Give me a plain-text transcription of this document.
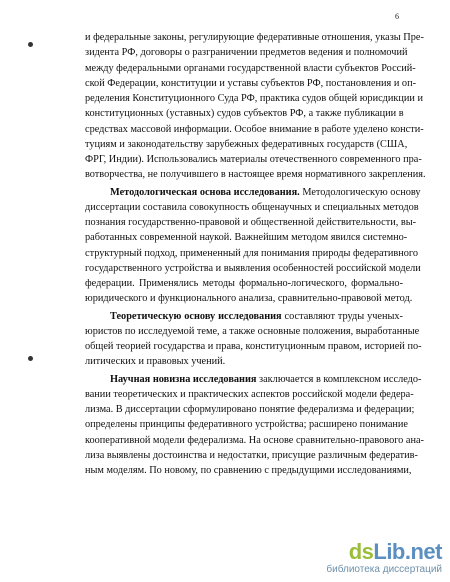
6
и федеральные законы, регулирующие федеративные отношения, указы Пре-
зидента РФ, договоры о разграничении предметов ведения и полномочий
между федеральными органами государственной власти субъектов Россий-
ской Федерации, конституции и уставы субъектов РФ, постановления и оп-
ределения Конституционного Суда РФ, практика судов общей юрисдикции и
конституционных (уставных) судов субъектов РФ, а также публикации в
средствах массовой информации. Особое внимание в работе уделено консти-
туциям и законодательству зарубежных федеративных государств (США,
ФРГ, Индии). Использовались материалы отечественного современного пра-
вотворчества, не получившего в настоящее время нормативного закрепления.
Методологическая основа исследования. Методологическую основу
диссертации составила совокупность общенаучных и специальных методов
познания государственно-правовой и общественной действительности, вы-
работанных современной наукой. Важнейшим методом явился системно-
структурный подход, примененный для понимания природы федеративного
государственного устройства и выявления особенностей российской модели
федерации. Применялись методы формально-логического, формально-
юридического и функционального анализа, сравнительно-правовой метод.
Теоретическую основу исследования составляют труды ученых-
юристов по исследуемой теме, а также основные положения, выработанные
общей теорией государства и права, конституционным правом, историей по-
литических и правовых учений.
Научная новизна исследования заключается в комплексном исследо-
вании теоретических и практических аспектов российской модели федера-
лизма. В диссертации сформулировано понятие федерализма и федерации;
определены принципы федеративного устройства; расширено понимание
кооперативной модели федерализма. На основе сравнительно-правового ана-
лиза выявлены достоинства и недостатки, присущие различным федератив-
ным моделям. По новому, по сравнению с предыдущими исследованиями,
dsLib.net
библиотека диссертаций
